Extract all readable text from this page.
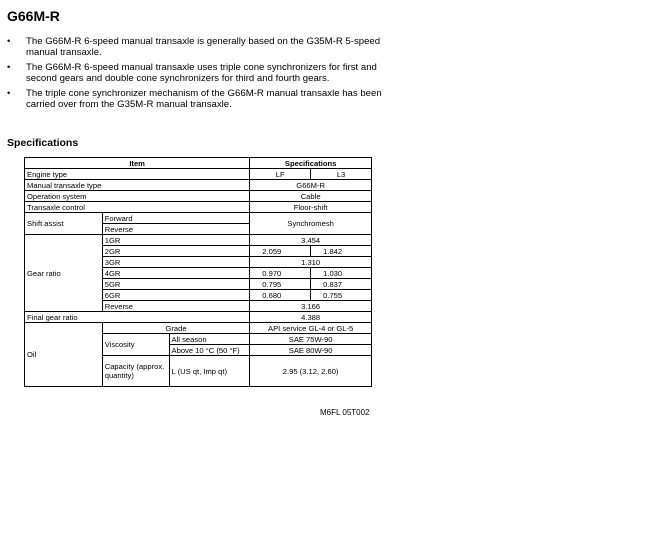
G66M-R
• The G66M-R 6-speed manual transaxle is generally based on the G35M-R 5-speed manual transaxle.
• The G66M-R 6-speed manual transaxle uses triple cone synchronizers for first and second gears and double cone synchronizers for third and fourth gears.
• The triple cone synchronizer mechanism of the G66M-R manual transaxle has been carried over from the G35M-R manual transaxle.
Specifications
Item			Specifications	
Engine type			LF	L3
Manual transaxle type			G66M-R	
Operation system			Cable	
Transaxle control			Floor-shift	
Shift assist	Forward		Synchromesh	
	Reverse			
Gear ratio	1GR		3.454	
	2GR		2.059	1.842
	3GR		1.310	
	4GR		0.970	1.030
	5GR		0.795	0.837
	6GR		0.680	0.755
	Reverse		3.166	
Final gear ratio			4.388	
Oil	Grade		API service GL-4 or GL-5	
	Viscosity	All season	SAE 75W-90	
		Above 10 °C (50 °F)	SAE 80W-90	
	Capacity (approx. quantity)	L (US qt, Imp qt)	2.95 (3.12, 2.60)	
M6FL 05T002
